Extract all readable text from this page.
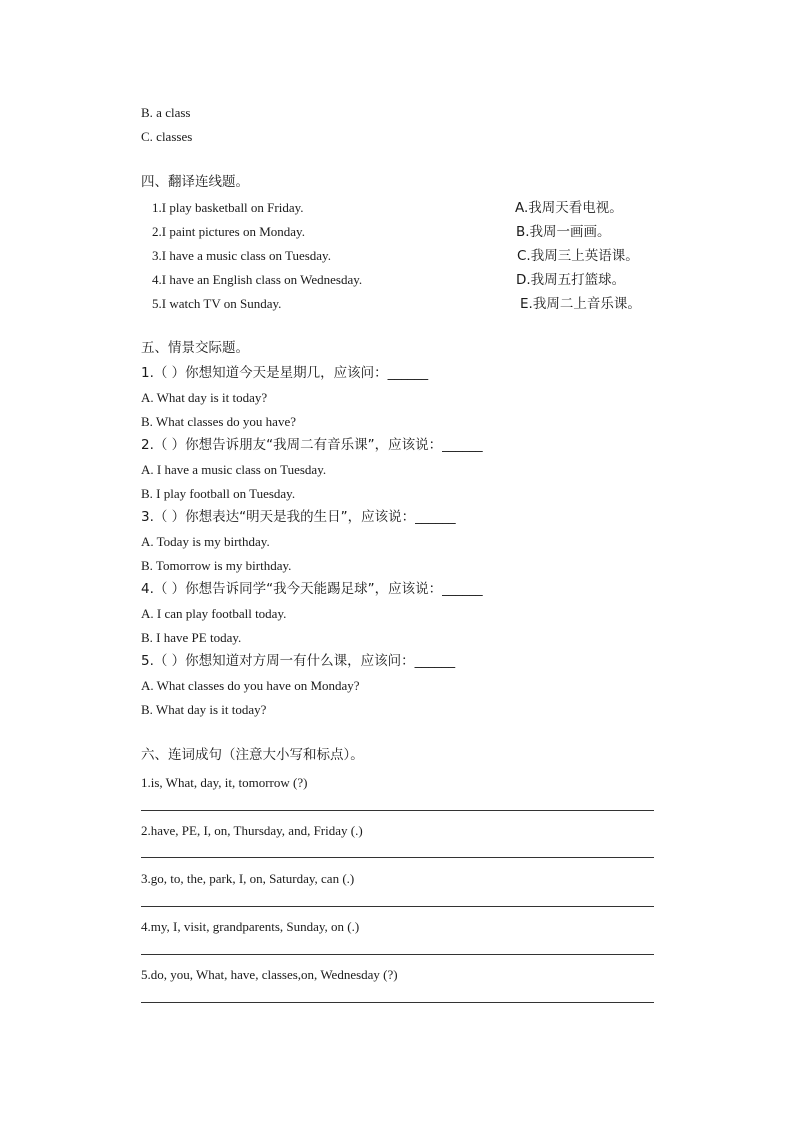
B. a class
C. classes
四、翻译连线题。
1.I play basketball on Friday.
2.I paint pictures on Monday.
3.I have a music class on Tuesday.
4.I have an English class on Wednesday.
5.I watch TV on Sunday.
A.我周天看电视。
B.我周一画画。
C.我周三上英语课。
D.我周五打篮球。
E.我周二上音乐课。
五、情景交际题。
1.（ ）你想知道今天是星期几，应该问：______
A. What day is it today?
B. What classes do you have?
2.（ ）你想告诉朋友“我周二有音乐课”，应该说：______
A. I have a music class on Tuesday.
B. I play football on Tuesday.
3.（ ）你想表达“明天是我的生日”，应该说：______
A. Today is my birthday.
B. Tomorrow is my birthday.
4.（ ）你想告诉同学“我今天能踢足球”，应该说：______
A. I can play football today.
B. I have PE today.
5.（ ）你想知道对方周一有什么课，应该问：______
A. What classes do you have on Monday?
B. What day is it today?
六、连词成句（注意大小写和标点）。
1.is, What, day, it, tomorrow (?)
2.have, PE, I, on, Thursday, and, Friday (.)
3.go, to, the, park, I, on, Saturday, can (.)
4.my, I, visit, grandparents, Sunday, on (.)
5.do, you, What, have, classes,on, Wednesday (?)
